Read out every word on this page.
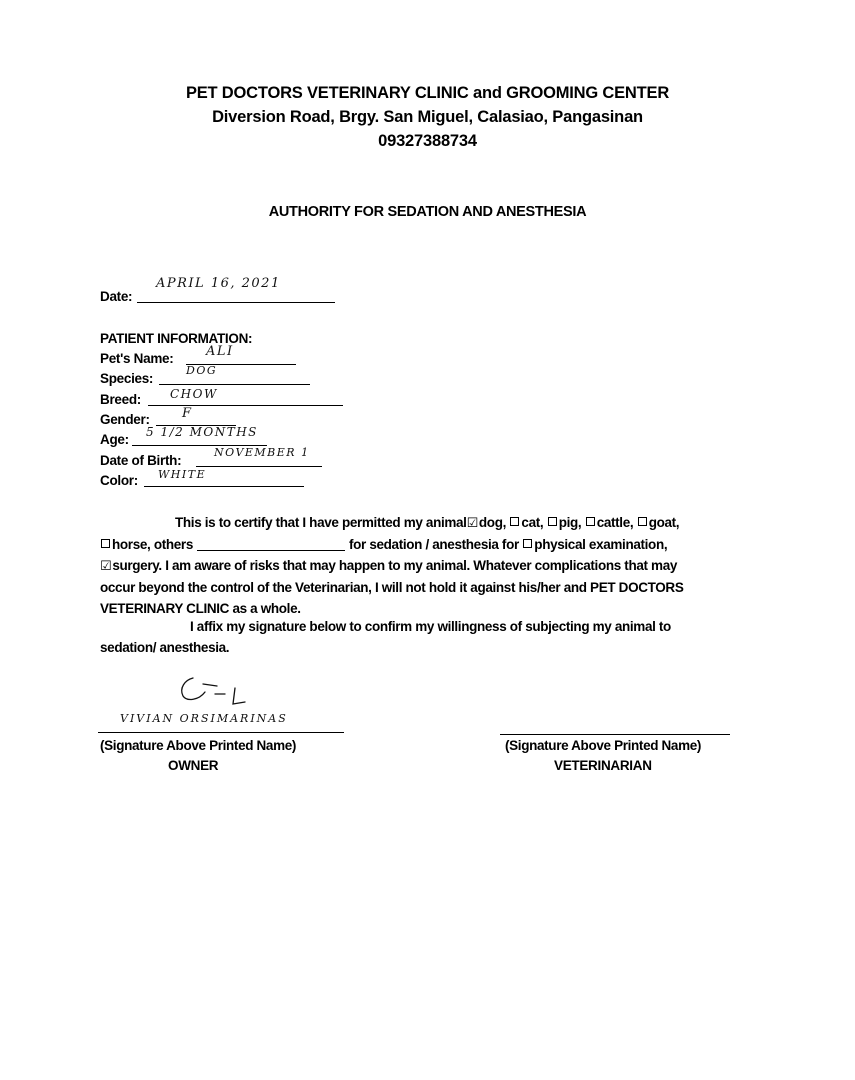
PET DOCTORS VETERINARY CLINIC and GROOMING CENTER
Diversion Road, Brgy. San Miguel, Calasiao, Pangasinan
09327388734
AUTHORITY FOR SEDATION AND ANESTHESIA
Date:
APRIL 16, 2021
PATIENT INFORMATION:
Pet's Name:	ALI
Species:
DOG
Breed: CHOW
Gender: F
Age: 5 1/2 MONTHS
Date of Birth:
NOVEMBER 1
Color: WHITE
This is to certify that I have permitted my animal☑dog, cat, pig, cattle, goat,
horse, others	for sedation / anesthesia for physical examination,
☑surgery. I am aware of risks that may happen to my animal. Whatever complications that may
occur beyond the control of the Veterinarian, I will not hold it against his/her and PET DOCTORS
VETERINARY CLINIC as a whole.
I affix my signature below to confirm my willingness of subjecting my animal to
sedation/ anesthesia.
VIVIAN ORSIMARINAS
(Signature Above Printed Name)
OWNER
(Signature Above Printed Name)
VETERINARIAN
